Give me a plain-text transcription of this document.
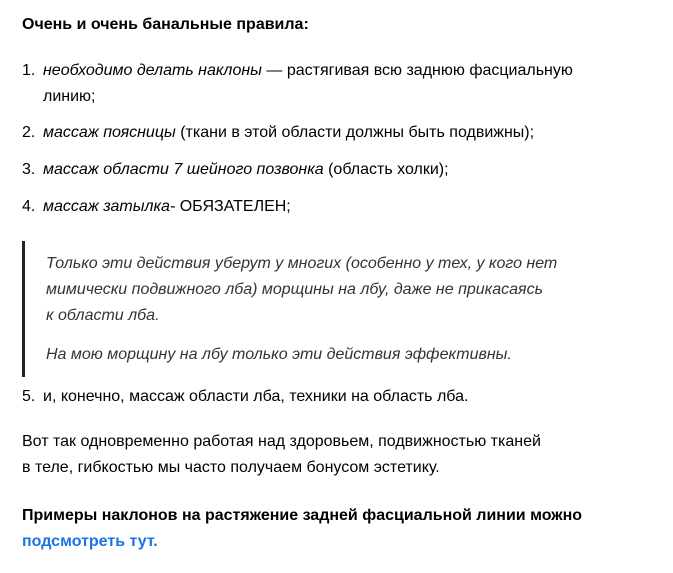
Очень и очень банальные правила:
1. необходимо делать наклоны — растягивая всю заднюю фасциальную
линию;
2. массаж поясницы (ткани в этой области должны быть подвижны);
3. массаж области 7 шейного позвонка (область холки);
4. массаж затылка- ОБЯЗАТЕЛЕН;

Только эти действия уберут у многих (особенно у тех, у кого нет
мимически подвижного лба) морщины на лбу, даже не прикасаясь
к области лба.

На мою морщину на лбу только эти действия эффективны.

5. и, конечно, массаж области лба, техники на область лба.
Вот так одновременно работая над здоровьем, подвижностью тканей
в теле, гибкостью мы часто получаем бонусом эстетику.
Примеры наклонов на растяжение задней фасциальной линии можно
подсмотреть тут.
